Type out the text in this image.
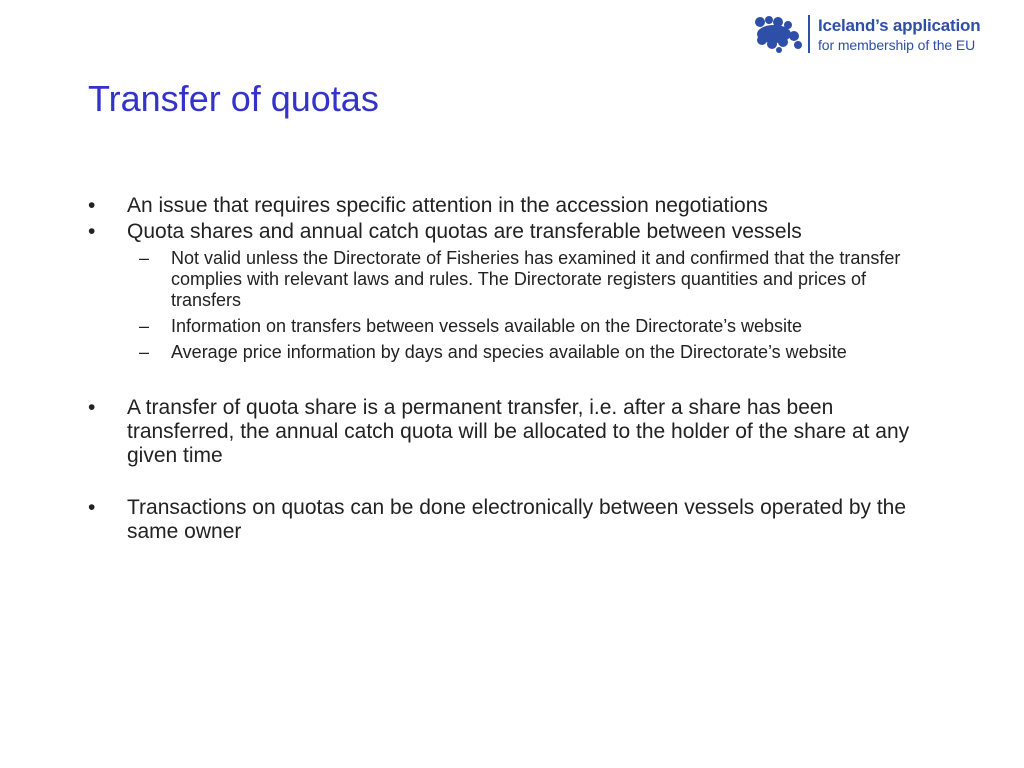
Iceland’s application
for membership of the EU
Transfer of quotas
•	An issue that requires specific attention in the accession negotiations
•	Quota shares and annual catch quotas are transferable between vessels
–	Not valid unless the Directorate of Fisheries has examined it and confirmed that the transfer complies with relevant laws and rules. The Directorate registers quantities and prices of transfers
–	Information on transfers between vessels available on the Directorate’s website
–	Average price information by days and species available on the Directorate’s website
•	A transfer of quota share is a permanent transfer, i.e. after a share has been transferred, the annual catch quota will be allocated to the holder of the share at any given time
•	Transactions on quotas can be done electronically between vessels operated by the same owner
